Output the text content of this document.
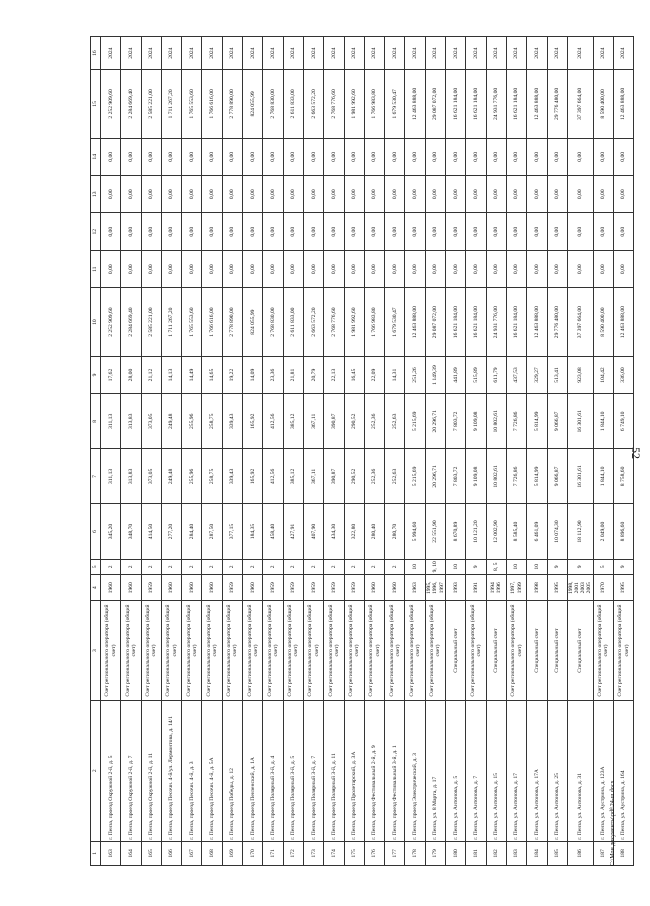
52
1	2	3	4	5	6	7	8	9	10	11	12	13	14	15	16
163	г. Пенза, проезд Окружной 2-й, д. 5	Счет регионального оператора (общий счет)	1960	2	345,20	311,13	311,13	17,62	2 252 909,60	0,00	0,00	0,00	0,00	2 252 909,60	2024
164	г. Пенза, проезд Окружной 2-й, д. 7	Счет регионального оператора (общий счет)	1960	2	348,70	313,83	313,83	28,00	2 284 669,40	0,00	0,00	0,00	0,00	2 284 669,40	2024
165	г. Пенза, проезд Окружной 2-й, д. 11	Счет регионального оператора (общий счет)	1959	2	414,50	373,05	373,05	21,12	2 585 221,00	0,00	0,00	0,00	0,00	2 585 221,00	2024
166	г. Пенза, проезд Песочн. 4-й/ул. Лермонтова, д. 14/1	Счет регионального оператора (общий счет)	1960	2	277,20	249,48	249,48	14,13	1 711 267,20	0,00	0,00	0,00	0,00	1 711 267,20	2024
167	г. Пенза, проезд Песочн. 4-й, д. 3	Счет регионального оператора (общий счет)	1960	2	284,40	255,96	255,96	14,49	1 765 553,60	0,00	0,00	0,00	0,00	1 765 553,60	2024
168	г. Пенза, проезд Песочн. 4-й, д. 5А	Счет регионального оператора (общий счет)	1960	2	287,50	258,75	258,75	14,65	1 766 616,00	0,00	0,00	0,00	0,00	1 766 616,00	2024
169	г. Пенза, проезд Победы, д. 12	Счет регионального оператора (общий счет)	1959	2	377,15	339,43	339,43	19,22	2 778 890,00	0,00	0,00	0,00	0,00	2 778 890,00	2024
170	г. Пенза, проезд Пензенский, д. 1А	Счет регионального оператора (общий счет)	1960	2	184,35	165,92	165,92	14,09	824 055,99	0,00	0,00	0,00	0,00	824 055,99	2024
171	г. Пенза, проезд Полярный 3-й, д. 4	Счет регионального оператора (общий счет)	1959	2	458,40	412,56	412,56	23,36	2 768 830,00	0,00	0,00	0,00	0,00	2 768 830,00	2024
172	г. Пенза, проезд Полярный 3-й, д. 5	Счет регионального оператора (общий счет)	1959	2	427,91	385,12	385,12	21,81	2 611 833,00	0,00	0,00	0,00	0,00	2 611 833,00	2024
173	г. Пенза, проезд Полярный 3-й, д. 7	Счет регионального оператора (общий счет)	1959	2	407,90	367,11	367,11	20,79	2 663 572,20	0,00	0,00	0,00	0,00	2 663 572,20	2024
174	г. Пенза, проезд Полярный 3-й, д. 11	Счет регионального оператора (общий счет)	1959	2	434,30	390,87	390,87	22,13	2 768 776,60	0,00	0,00	0,00	0,00	2 768 776,60	2024
175	г. Пенза, проезд Пролетарский, д. 3А	Счет регионального оператора (общий счет)	1959	2	322,80	290,52	290,52	16,45	1 981 992,60	0,00	0,00	0,00	0,00	1 981 992,60	2024
176	г. Пенза, проезд Фестивальный 2-й, д. 9	Счет регионального оператора (общий счет)	1960	2	280,40	252,36	252,36	22,09	1 766 983,80	0,00	0,00	0,00	0,00	1 766 983,80	2024
177	г. Пенза, проезд Фестивальный 3-й, д. 1	Счет регионального оператора (общий счет)	1960	2	280,70	252,63	252,63	14,31	1 679 530,47	0,00	0,00	0,00	0,00	1 679 530,47	2024
178	г. Пенза, проезд Электрический, д. 3	Счет регионального оператора (общий счет)	1963	10	5 994,60	5 215,69	5 215,69	251,26	12 463 888,00	0,00	0,00	0,00	0,00	12 463 888,00	2024
179	г. Пенза, ул. 8 Марта, д. 17	Счет регионального оператора (общий счет)	1995, 1996, 1997	9, 10	22 551,90	20 296,71	20 296,71	1 149,39	29 087 072,00	0,00	0,00	0,00	0,00	29 087 072,00	2024
180	г. Пенза, ул. Антонова, д. 5	Специальный счет	1993	10	8 670,89	7 803,72	7 803,72	441,89	16 621 184,00	0,00	0,00	0,00	0,00	16 621 184,00	2024
181	г. Пенза, ул. Антонова, д. 7	Счет регионального оператора (общий счет)	1991	9	10 121,20	9 109,08	9 109,08	515,89	16 621 184,00	0,00	0,00	0,00	0,00	16 621 184,00	2024
182	г. Пенза, ул. Антонова, д. 15	Специальный счет	1994 1996	8, 5	12 002,90	10 802,61	10 802,61	611,79	24 931 776,00	0,00	0,00	0,00	0,00	24 931 776,00	2024
183	г. Пенза, ул. Антонова, д. 17	Счет регионального оператора (общий счет)	1997, 1999	10	8 585,40	7 726,86	7 726,86	437,53	16 621 184,00	0,00	0,00	0,00	0,00	16 621 184,00	2024
184	г. Пенза, ул. Антонова, д. 17А	Специальный счет	1998	10	6 461,09	5 814,99	5 814,99	329,27	12 463 888,00	0,00	0,00	0,00	0,00	12 463 888,00	2024
185	г. Пенза, ул. Антонова, д. 25	Специальный счет	1995	9	10 074,30	9 066,87	9 066,87	513,41	29 776 480,00	0,00	0,00	0,00	0,00	29 776 480,00	2024
186	г. Пенза, ул. Антонова, д. 31	Специальный счет	1998, 2001 2003 2005	9	18 112,90	16 301,61	16 301,61	923,08	37 397 664,00	0,00	0,00	0,00	0,00	37 397 664,00	2024
187	г. Пенза, ул. Аустрина, д. 123А	Счет регионального оператора (общий счет)	1970	5	2 049,00	1 844,10	1 844,10	104,42	8 590 400,00	0,00	0,00	0,00	0,00	8 590 400,00	2024
188	г. Пенза, ул. Аустрина, д. 164	Счет регионального оператора (общий счет)	1995	9	8 896,60	8 758,60	6 749,10	336,00	12 463 888,00	0,00	0,00	0,00	0,00	12 463 888,00	2024
С:\Мои документы\pdf\24-ш.docx
